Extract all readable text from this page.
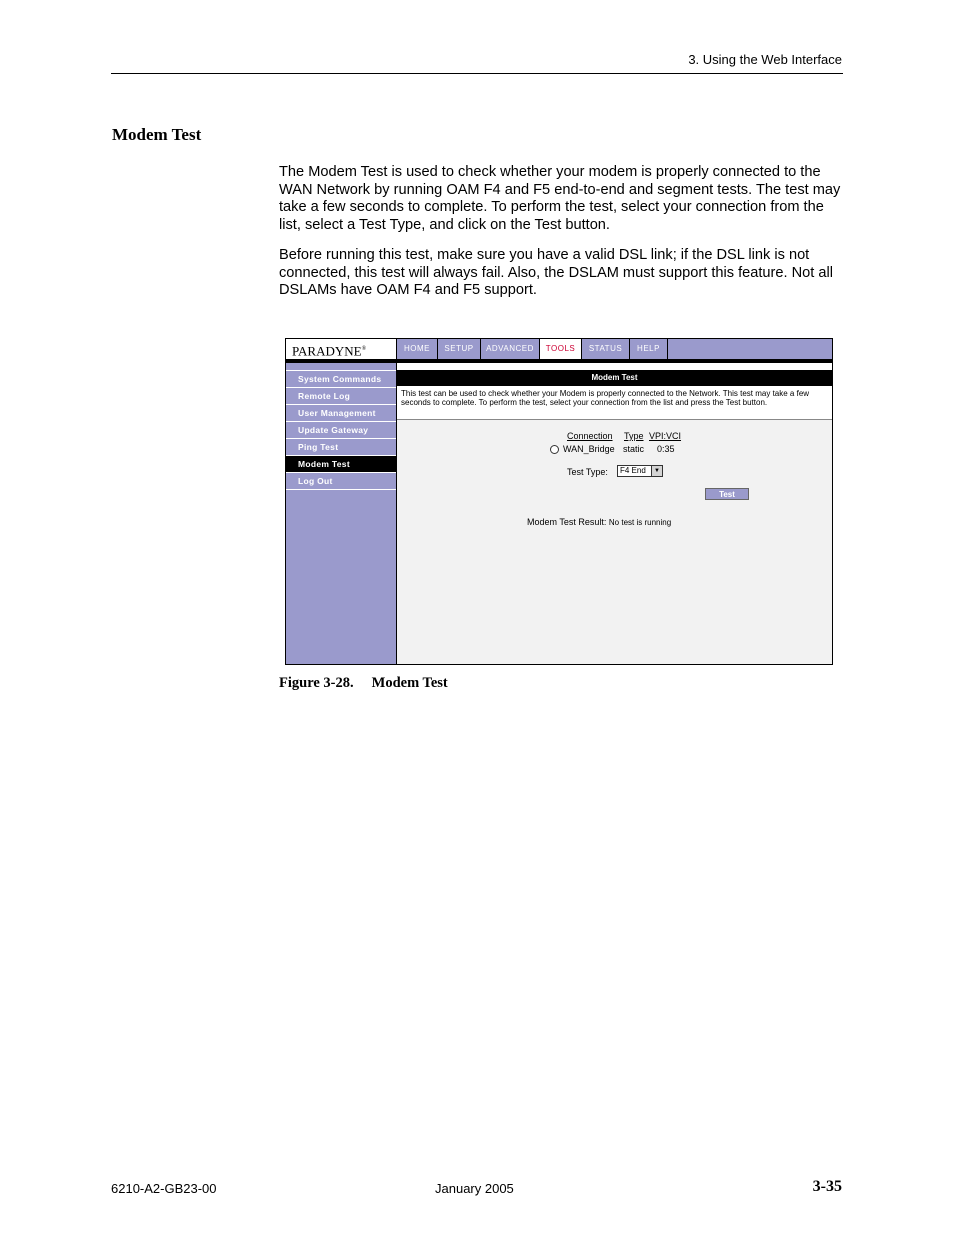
3. Using the Web Interface
Modem Test
The Modem Test is used to check whether your modem is properly connected to the WAN Network by running OAM F4 and F5 end-to-end and segment tests. The test may take a few seconds to complete. To perform the test, select your connection from the list, select a Test Type, and click on the Test button.
Before running this test, make sure you have a valid DSL link; if the DSL link is not connected, this test will always fail. Also, the DSLAM must support this feature. Not all DSLAMs have OAM F4 and F5 support.
PARADYNE®	HOME	SETUP	ADVANCED	TOOLS	STATUS	HELP
System Commands
Remote Log
User Management
Update Gateway
Ping Test
Modem Test
Log Out
Modem Test
This test can be used to check whether your Modem is properly connected to the Network. This test may take a few seconds to complete. To perform the test, select your connection from the list and press the Test button.
Connection Type VPI:VCI
WAN_Bridge static 0:35
Test Type:	F4 End	▼
Test
Modem Test Result: No test is running
Figure 3-28. Modem Test
6210-A2-GB23-00	January 2005	3-35
